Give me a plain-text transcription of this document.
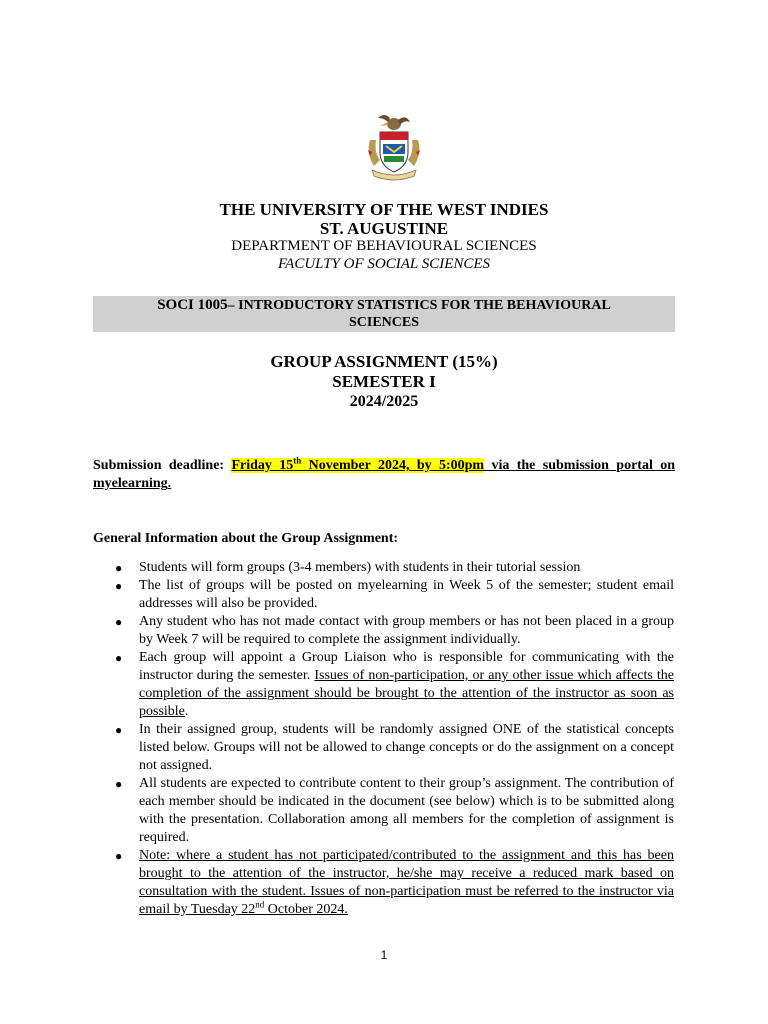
THE UNIVERSITY OF THE WEST INDIES
ST. AUGUSTINE
DEPARTMENT OF BEHAVIOURAL SCIENCES
FACULTY OF SOCIAL SCIENCES
SOCI 1005– INTRODUCTORY STATISTICS FOR THE BEHAVIOURAL
SCIENCES
GROUP ASSIGNMENT (15%)
SEMESTER I
2024/2025
Submission deadline: Friday 15th November 2024, by 5:00pm via the submission portal on myelearning.
General Information about the Group Assignment:
● Students will form groups (3-4 members) with students in their tutorial session
● The list of groups will be posted on myelearning in Week 5 of the semester; student email addresses will also be provided.
● Any student who has not made contact with group members or has not been placed in a group by Week 7 will be required to complete the assignment individually.
● Each group will appoint a Group Liaison who is responsible for communicating with the instructor during the semester. Issues of non-participation, or any other issue which affects the completion of the assignment should be brought to the attention of the instructor as soon as possible.
● In their assigned group, students will be randomly assigned ONE of the statistical concepts listed below. Groups will not be allowed to change concepts or do the assignment on a concept not assigned.
● All students are expected to contribute content to their group’s assignment. The contribution of each member should be indicated in the document (see below) which is to be submitted along with the presentation. Collaboration among all members for the completion of assignment is required.
● Note: where a student has not participated/contributed to the assignment and this has been brought to the attention of the instructor, he/she may receive a reduced mark based on consultation with the student. Issues of non-participation must be referred to the instructor via email by Tuesday 22nd October 2024.
1
